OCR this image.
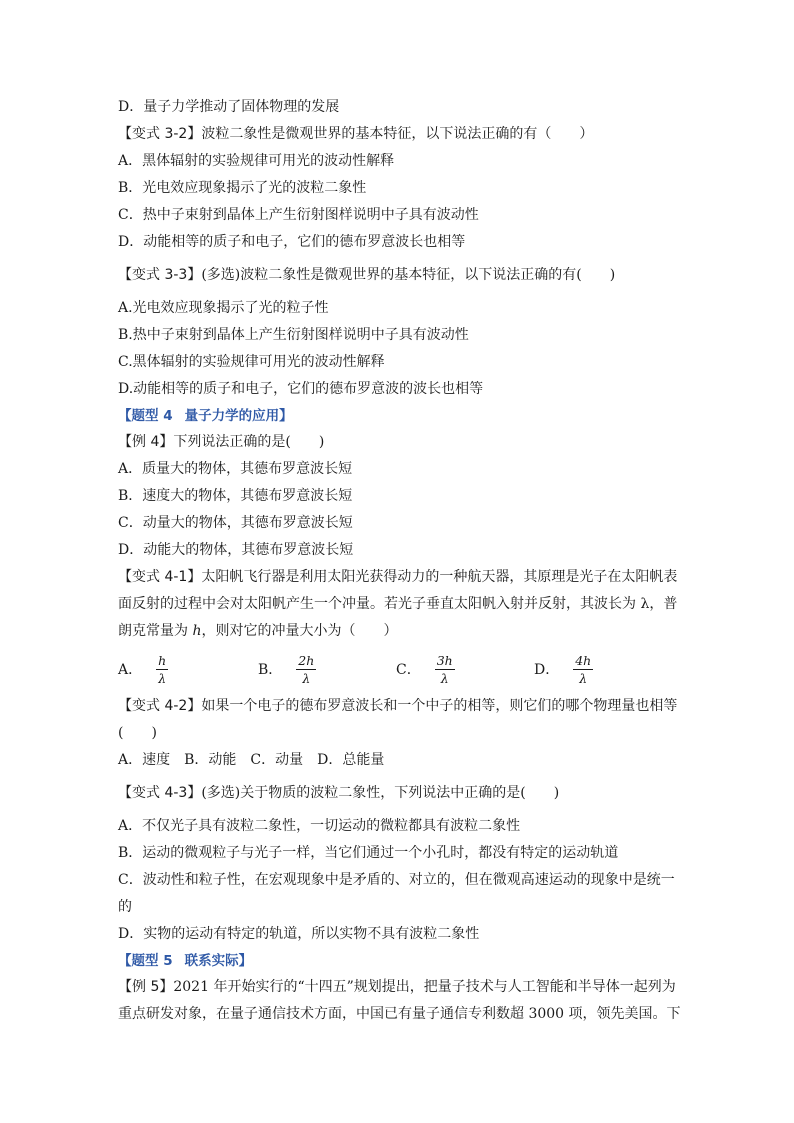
D．量子力学推动了固体物理的发展
【变式 3-2】波粒二象性是微观世界的基本特征，以下说法正确的有（　　）
A．黑体辐射的实验规律可用光的波动性解释
B．光电效应现象揭示了光的波粒二象性
C．热中子束射到晶体上产生衍射图样说明中子具有波动性
D．动能相等的质子和电子，它们的德布罗意波长也相等
【变式 3-3】(多选)波粒二象性是微观世界的基本特征，以下说法正确的有(　　)
A.光电效应现象揭示了光的粒子性
B.热中子束射到晶体上产生衍射图样说明中子具有波动性
C.黑体辐射的实验规律可用光的波动性解释
D.动能相等的质子和电子，它们的德布罗意波的波长也相等
【题型 4 量子力学的应用】
【例 4】下列说法正确的是(　　)
A．质量大的物体，其德布罗意波长短
B．速度大的物体，其德布罗意波长短
C．动量大的物体，其德布罗意波长短
D．动能大的物体，其德布罗意波长短
【变式 4-1】太阳帆飞行器是利用太阳光获得动力的一种航天器，其原理是光子在太阳帆表
面反射的过程中会对太阳帆产生一个冲量。若光子垂直太阳帆入射并反射，其波长为 λ，普
朗克常量为 h，则对它的冲量大小为（　　）
A． $\frac{h}{\lambda}$	B． $\frac{2h}{\lambda}$	C． $\frac{3h}{\lambda}$	D． $\frac{4h}{\lambda}$
【变式 4-2】如果一个电子的德布罗意波长和一个中子的相等，则它们的哪个物理量也相等
(　　)
A．速度　B．动能　C．动量　D．总能量
【变式 4-3】(多选)关于物质的波粒二象性，下列说法中正确的是(　　)
A．不仅光子具有波粒二象性，一切运动的微粒都具有波粒二象性
B．运动的微观粒子与光子一样，当它们通过一个小孔时，都没有特定的运动轨道
C．波动性和粒子性，在宏观现象中是矛盾的、对立的，但在微观高速运动的现象中是统一
的
D．实物的运动有特定的轨道，所以实物不具有波粒二象性
【题型 5 联系实际】
【例 5】2021 年开始实行的“十四五”规划提出，把量子技术与人工智能和半导体一起列为
重点研发对象，在量子通信技术方面，中国已有量子通信专利数超 3000 项，领先美国。下
